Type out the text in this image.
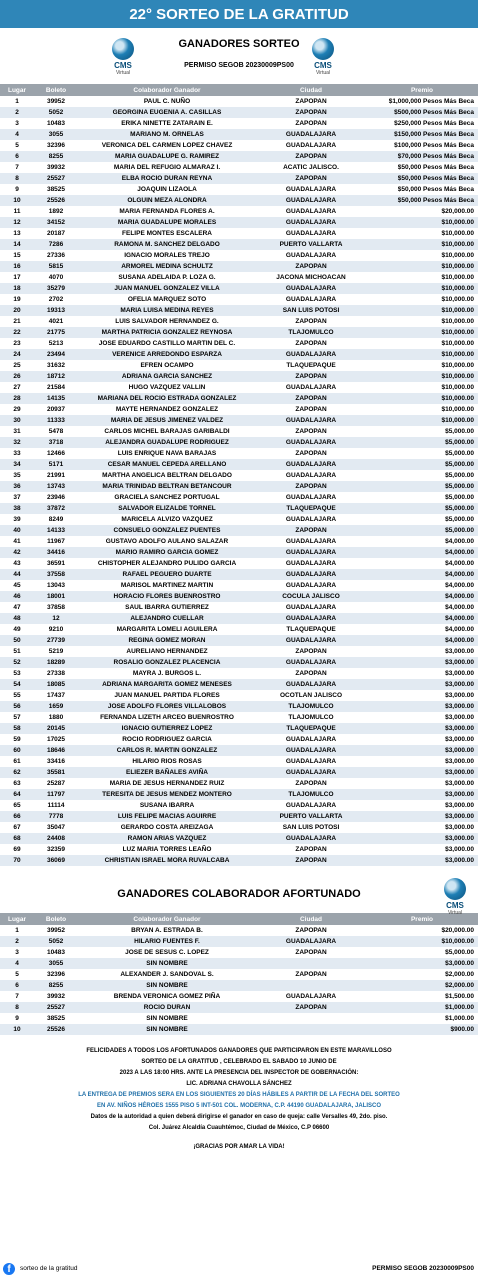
22° SORTEO DE LA GRATITUD
CMS
Virtual
GANADORES SORTEO
PERMISO SEGOB 20230009PS00	CMS
Virtual
Lugar	Boleto	Colaborador Ganador	Ciudad	Premio
1	39952	PAUL C. NUÑO	ZAPOPAN	$1,000,000 Pesos Más Beca
2	5052	GEORGINA EUGENIA A. CASILLAS	ZAPOPAN	$500,000 Pesos Más Beca
3	10483	ERIKA NINETTE ZATARAIN E.	ZAPOPAN	$250,000 Pesos Más Beca
4	3055	MARIANO M. ORNELAS	GUADALAJARA	$150,000 Pesos Más Beca
5	32396	VERONICA DEL CARMEN LOPEZ CHAVEZ	GUADALAJARA	$100,000 Pesos Más Beca
6	8255	MARIA GUADALUPE G. RAMIREZ	ZAPOPAN	$70,000 Pesos Más Beca
7	39932	MARIA DEL REFUGIO ALMARAZ I.	ACATIC JALISCO.	$50,000 Pesos Más Beca
8	25527	ELBA ROCIO DURAN REYNA	ZAPOPAN	$50,000 Pesos Más Beca
9	38525	JOAQUIN LIZAOLA	GUADALAJARA	$50,000 Pesos Más Beca
10	25526	OLGUIN MEZA ALONDRA	GUADALAJARA	$50,000 Pesos Más Beca
11	1892	MARIA FERNANDA FLORES A.	GUADALAJARA	$20,000.00
12	34152	MARIA GUADALUPE MORALES	GUADALAJARA	$10,000.00
13	20187	FELIPE MONTES ESCALERA	GUADALAJARA	$10,000.00
14	7286	RAMONA M. SANCHEZ DELGADO	PUERTO VALLARTA	$10,000.00
15	27336	IGNACIO MORALES TREJO	GUADALAJARA	$10,000.00
16	5815	ARMOREL MEDINA SCHULTZ	ZAPOPAN	$10,000.00
17	4070	SUSANA ADELAIDA P. LOZA G.	JACONA MICHOACAN	$10,000.00
18	35279	JUAN MANUEL GONZALEZ VILLA	GUADALAJARA	$10,000.00
19	2702	OFELIA MARQUEZ SOTO	GUADALAJARA	$10,000.00
20	19313	MARIA LUISA MEDINA REYES	SAN LUIS POTOSI	$10,000.00
21	4021	LUIS SALVADOR HERNANDEZ G.	ZAPOPAN	$10,000.00
22	21775	MARTHA PATRICIA GONZALEZ REYNOSA	TLAJOMULCO	$10,000.00
23	5213	JOSE EDUARDO CASTILLO MARTIN DEL C.	ZAPOPAN	$10,000.00
24	23494	VERENICE ARREDONDO ESPARZA	GUADALAJARA	$10,000.00
25	31632	EFREN OCAMPO	TLAQUEPAQUE	$10,000.00
26	18712	ADRIANA GARCIA SANCHEZ	ZAPOPAN	$10,000.00
27	21584	HUGO VAZQUEZ VALLIN	GUADALAJARA	$10,000.00
28	14135	MARIANA DEL ROCIO ESTRADA GONZALEZ	ZAPOPAN	$10,000.00
29	20937	MAYTE HERNANDEZ GONZALEZ	ZAPOPAN	$10,000.00
30	11333	MARIA DE JESUS JIMENEZ VALDEZ	GUADALAJARA	$10,000.00
31	5478	CARLOS MICHEL BARAJAS GARIBALDI	ZAPOPAN	$5,000.00
32	3718	ALEJANDRA GUADALUPE RODRIGUEZ	GUADALAJARA	$5,000.00
33	12466	LUIS ENRIQUE NAVA BARAJAS	ZAPOPAN	$5,000.00
34	5171	CESAR MANUEL CEPEDA ARELLANO	GUADALAJARA	$5,000.00
35	21991	MARTHA ANGELICA BELTRAN DELGADO	GUADALAJARA	$5,000.00
36	13743	MARIA TRINIDAD BELTRAN BETANCOUR	ZAPOPAN	$5,000.00
37	23946	GRACIELA SANCHEZ PORTUGAL	GUADALAJARA	$5,000.00
38	37872	SALVADOR ELIZALDE TORNEL	TLAQUEPAQUE	$5,000.00
39	8249	MARICELA ALVIZO VAZQUEZ	GUADALAJARA	$5,000.00
40	14133	CONSUELO GONZALEZ PUENTES	ZAPOPAN	$5,000.00
41	11967	GUSTAVO ADOLFO AULANO SALAZAR	GUADALAJARA	$4,000.00
42	34416	MARIO RAMIRO GARCIA GOMEZ	GUADALAJARA	$4,000.00
43	36591	CHISTOPHER ALEJANDRO PULIDO GARCIA	GUADALAJARA	$4,000.00
44	37558	RAFAEL PEGUERO DUARTE	GUADALAJARA	$4,000.00
45	13043	MARISOL MARTINEZ MARTIN	GUADALAJARA	$4,000.00
46	18001	HORACIO FLORES BUENROSTRO	COCULA JALISCO	$4,000.00
47	37858	SAUL IBARRA GUTIERREZ	GUADALAJARA	$4,000.00
48	12	ALEJANDRO CUELLAR	GUADALAJARA	$4,000.00
49	9210	MARGARITA LOMELI AGUILERA	TLAQUEPAQUE	$4,000.00
50	27739	REGINA GOMEZ MORAN	GUADALAJARA	$4,000.00
51	5219	AURELIANO HERNANDEZ	ZAPOPAN	$3,000.00
52	18289	ROSALIO GONZALEZ PLACENCIA	GUADALAJARA	$3,000.00
53	27338	MAYRA J. BURGOS L.	ZAPOPAN	$3,000.00
54	18085	ADRIANA MARGARITA GOMEZ MENESES	GUADALAJARA	$3,000.00
55	17437	JUAN MANUEL PARTIDA FLORES	OCOTLAN JALISCO	$3,000.00
56	1659	JOSE ADOLFO FLORES VILLALOBOS	TLAJOMULCO	$3,000.00
57	1880	FERNANDA LIZETH ARCEO BUENROSTRO	TLAJOMULCO	$3,000.00
58	20145	IGNACIO GUTIERREZ LOPEZ	TLAQUEPAQUE	$3,000.00
59	17025	ROCIO RODRIGUEZ GARCIA	GUADALAJARA	$3,000.00
60	18646	CARLOS R. MARTIN GONZALEZ	GUADALAJARA	$3,000.00
61	33416	HILARIO RIOS ROSAS	GUADALAJARA	$3,000.00
62	35581	ELIEZER BAÑALES AVIÑA	GUADALAJARA	$3,000.00
63	25287	MARIA DE JESUS HERNANDEZ RUIZ	ZAPOPAN	$3,000.00
64	11797	TERESITA DE JESUS MENDEZ MONTERO	TLAJOMULCO	$3,000.00
65	11114	SUSANA IBARRA	GUADALAJARA	$3,000.00
66	7778	LUIS FELIPE MACIAS AGUIRRE	PUERTO VALLARTA	$3,000.00
67	35047	GERARDO COSTA AREIZAGA	SAN LUIS POTOSI	$3,000.00
68	24408	RAMON ARIAS VAZQUEZ	GUADALAJARA	$3,000.00
69	32359	LUZ MARIA TORRES LEAÑO	ZAPOPAN	$3,000.00
70	36069	CHRISTIAN ISRAEL MORA RUVALCABA	ZAPOPAN	$3,000.00
GANADORES COLABORADOR AFORTUNADO
CMS
Virtual
Lugar	Boleto	Colaborador Ganador	Ciudad	Premio
1	39952	BRYAN A. ESTRADA B.	ZAPOPAN	$20,000.00
2	5052	HILARIO FUENTES F.	GUADALAJARA	$10,000.00
3	10483	JOSE DE SESUS C. LOPEZ	ZAPOPAN	$5,000.00
4	3055	SIN NOMBRE		$3,000.00
5	32396	ALEXANDER J. SANDOVAL S.	ZAPOPAN	$2,000.00
6	8255	SIN NOMBRE		$2,000.00
7	39932	BRENDA VERONICA GOMEZ PIÑA	GUADALAJARA	$1,500.00
8	25527	ROCIO DURAN	ZAPOPAN	$1,000.00
9	38525	SIN NOMBRE		$1,000.00
10	25526	SIN NOMBRE		$900.00
FELICIDADES A TODOS LOS AFORTUNADOS GANADORES QUE PARTICIPARON EN ESTE MARAVILLOSO
SORTEO DE LA GRATITUD , CELEBRADO EL SABADO 10 JUNIO DE
2023 A LAS 18:00 HRS. ANTE LA PRESENCIA DEL INSPECTOR DE GOBERNACIÓN:
LIC. ADRIANA CHAVOLLA SÁNCHEZ
LA ENTREGA DE PREMIOS SERA EN LOS SIGUIENTES 20 DÍAS HÁBILES A PARTIR DE LA FECHA DEL SORTEO
EN AV. NIÑOS HÉROES 1555 PISO 5 INT-501 COL. MODERNA, C.P. 44190 GUADALAJARA, JALISCO
Datos de la autoridad a quien deberá dirigirse el ganador en caso de queja: calle Versalles 49, 2do. piso.
Col. Juárez Alcaldía Cuauhtémoc, Ciudad de México, C.P 06600
¡GRACIAS POR AMAR LA VIDA!
f	sorteo de la gratitud	PERMISO SEGOB 20230009PS00
